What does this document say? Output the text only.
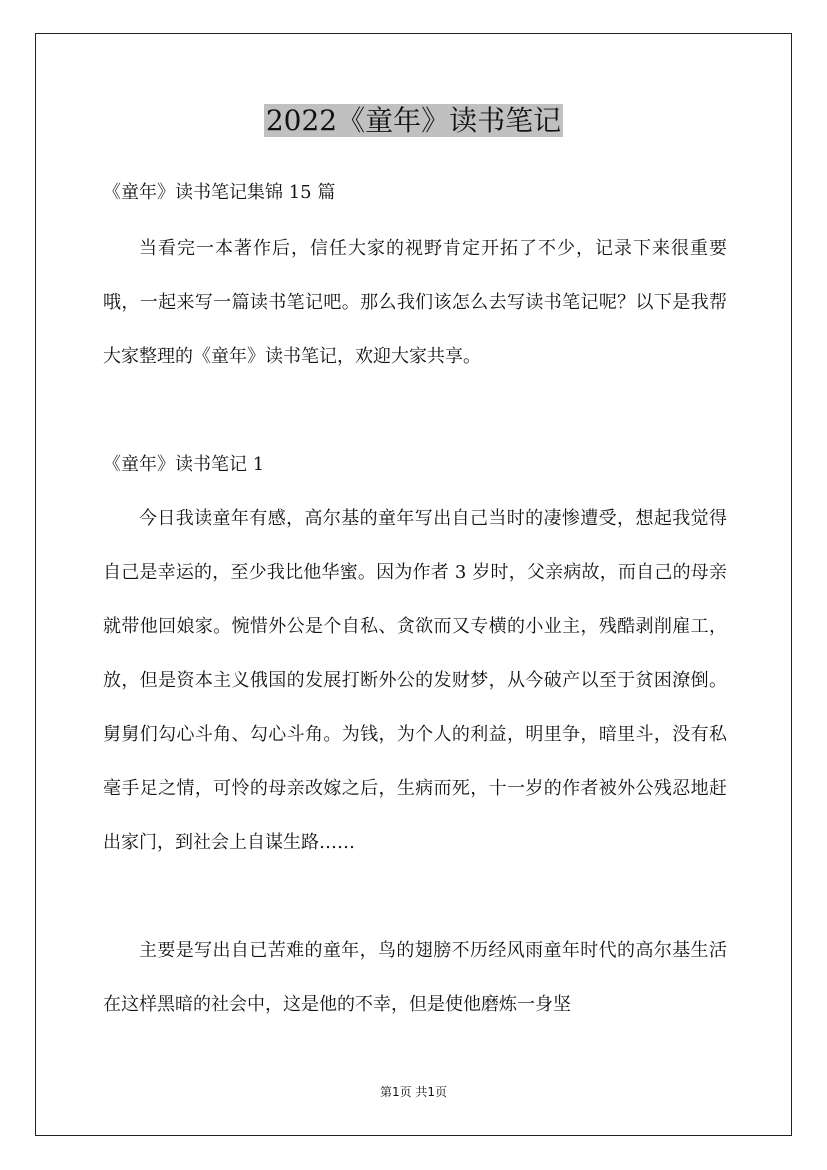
2022《童年》读书笔记

《童年》读书笔记集锦 15 篇

当看完一本著作后，信任大家的视野肯定开拓了不少，记录下来很重要哦，一起来写一篇读书笔记吧。那么我们该怎么去写读书笔记呢？以下是我帮大家整理的《童年》读书笔记，欢迎大家共享。

《童年》读书笔记 1

今日我读童年有感，高尔基的童年写出自己当时的凄惨遭受，想起我觉得自己是幸运的，至少我比他华蜜。因为作者 3 岁时，父亲病故，而自己的母亲就带他回娘家。惋惜外公是个自私、贪欲而又专横的小业主，残酷剥削雇工，放，但是资本主义俄国的发展打断外公的发财梦，从今破产以至于贫困潦倒。舅舅们勾心斗角、勾心斗角。为钱，为个人的利益，明里争，暗里斗，没有私毫手足之情，可怜的母亲改嫁之后，生病而死，十一岁的作者被外公残忍地赶出家门，到社会上自谋生路……

主要是写出自已苦难的童年，鸟的翅膀不历经风雨童年时代的高尔基生活在这样黑暗的社会中，这是他的不幸，但是使他磨炼一身坚

第1页 共1页
